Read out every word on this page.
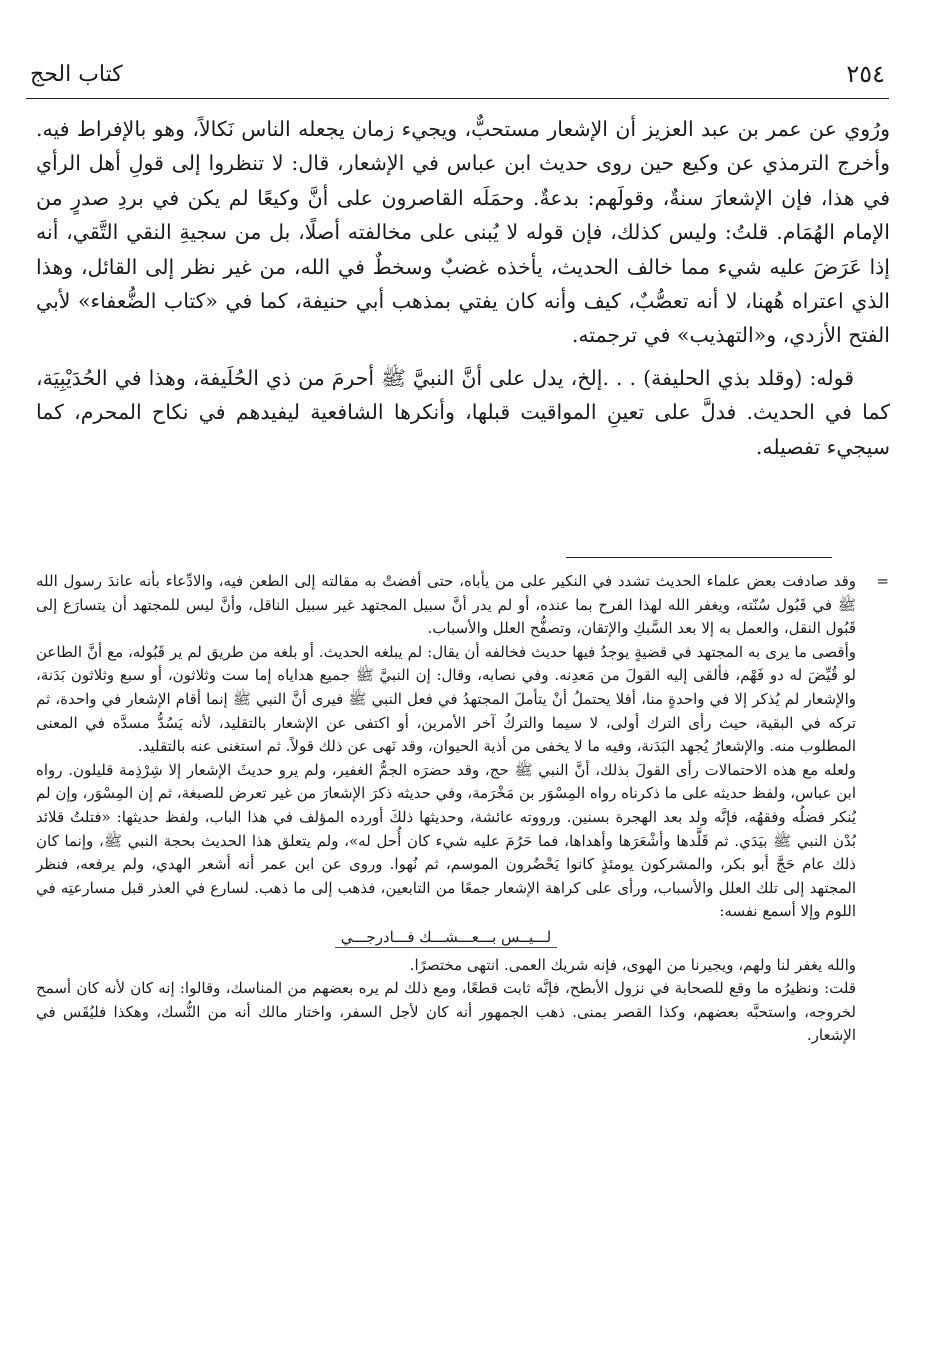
كتاب الحج	٢٥٤

ورُوي عن عمر بن عبد العزيز أن الإشعار مستحبٌّ، ويجيء زمان يجعله الناس نَكالاً، وهو بالإفراط فيه. وأخرج الترمذي عن وكيع حين روى حديث ابن عباس في الإشعار، قال: لا تنظروا إلى قولِ أهل الرأي في هذا، فإن الإشعارَ سنةٌ، وقولَهم: بدعةٌ. وحمَلَه القاصرون على أنَّ وكيعًا لم يكن في بردِ صدرٍ من الإمام الهُمَام. قلتُ: وليس كذلك، فإن قوله لا يُبنى على مخالفته أصلًا، بل من سجيةِ النقي التَّقي، أنه إذا عَرَضَ عليه شيء مما خالف الحديث، يأخذه غضبٌ وسخطٌ في الله، من غير نظر إلى القائل، وهذا الذي اعتراه هُهنا، لا أنه تعصُّبٌ، كيف وأنه كان يفتي بمذهب أبي حنيفة، كما في «كتاب الضُّعفاء» لأبي الفتح الأزدي، و«التهذيب» في ترجمته.

قوله: (وقلد بذي الحليفة) . . .إلخ، يدل على أنَّ النبيَّ ﷺ أحرمَ من ذي الحُلَيفة، وهذا في الحُدَيْبِيَة، كما في الحديث. فدلَّ على تعينِ المواقيت قبلها، وأنكرها الشافعية ليفيدهم في نكاح المحرم، كما سيجيء تفصيله.

=
وقد صادفت بعض علماء الحديث تشدد في النكير على من يأباه، حتى أفضتْ به مقالته إلى الطعن فيه، والادِّعاء بأنه عاندَ رسول الله ﷺ في قَبُول سُنّته، ويغفر الله لهذا الفرح بما عنده، أو لم يدر أنَّ سبيل المجتهد غير سبيل الناقل، وأنَّ ليس للمجتهد أن يتسارَع إلى قَبُول النقل، والعمل به إلا بعد السَّبكِ والإتقان، وتصفُّح العلل والأسباب.

وأقصى ما يرى به المجتهد في قضيةٍ يوجدُ فيها حديث فخالفه أن يقال: لم يبلغه الحديث. أو بلغه من طريق لم ير قَبُوله، مع أنَّ الطاعن لو قُيِّضَ له دو فَهْم، فألقى إليه القولَ من مَعدِنه. وفي نصابه، وقال: إن النبيَّ ﷺ جميع هداياه إما ست وثلاثون، أو سبع وثلاثون بَدَنة، والإشعار لم يُذكر إلا في واحدةٍ منا، أفلا يحتملُ أنْ يتأملَ المجتهدُ في فعل النبي ﷺ فيرى أنَّ النبي ﷺ إنما أقام الإشعار في واحدة، ثم تركه في البقية، حيث رأى الترك أولى، لا سيما والتركُ آخر الأمرين، أو اكتفى عن الإشعار بالتقليد، لأنه يَسُدُّ مسدَّه في المعنى المطلوب منه. والإشعارُ يُجهد البَدَنة، وفيه ما لا يخفى من أذية الحيوان، وقد نَهى عن ذلك قولاً. ثم استغنى عنه بالتقليد.

ولعله مع هذه الاحتمالات رأى القولَ بذلك، أنَّ النبي ﷺ حج، وقد حضرَه الجمُّ الغفير، ولم يرو حديثَ الإشعار إلا شِرْذِمة قليلون. رواه ابن عباس، ولفظ حديثه على ما ذكرناه رواه المِسْوَر بن مَخْرَمة، وفي حديثه ذكرَ الإشعارَ من غير تعرض للصبغة، ثم إن المِسْوَر، وإن لم يُنكر فضلُه وفقهُه، فإنَّه ولد بعد الهجرة بسنين. ورووته عائشة، وحديثها ذلكَ أورده المؤلف في هذا الباب، ولفظ حديثها: «فتلتُ قلائد بُدْن النبي ﷺ بيَدَي. ثم قَلَّدها وأشْعَرَها وأهداها، فما حَرُمَ عليه شيء كان أُحل له»، ولم يتعلق هذا الحديث بحجة النبي ﷺ، وإنما كان ذلك عام حَجَّ أبو بكر، والمشركون يومئذٍ كانوا يَحْضُرون الموسم، ثم نُهوا. وروى عن ابن عمر أنه أشعر الهدي، ولم يرفعه، فنظر المجتهد إلى تلك العلل والأسباب، ورأى على كراهة الإشعار جمعًا من التابعين، فذهب إلى ما ذهب. لسارع في العذر قبل مسارعتِه في اللوم وإلا أسمع نفسه:

لـــيــس بـــعـــشـــك فـــادرجـــي

والله يغفر لنا ولهم، ويجيرنا من الهوى، فإنه شريك العمى. انتهى مختصرًا.

قلت: ونظيرُه ما وقع للصحابة في نزول الأبطح، فإنَّه ثابت قطعًا، ومع ذلك لم يره بعضهم من المناسك، وقالوا: إنه كان لأنه كان أسمح لخروجه، واستحبَّه بعضهم، وكذا القصر بمنى. ذهب الجمهور أنه كان لأجل السفر، واختار مالك أنه من النُّسك، وهكذا فليُقَس في الإشعار.
